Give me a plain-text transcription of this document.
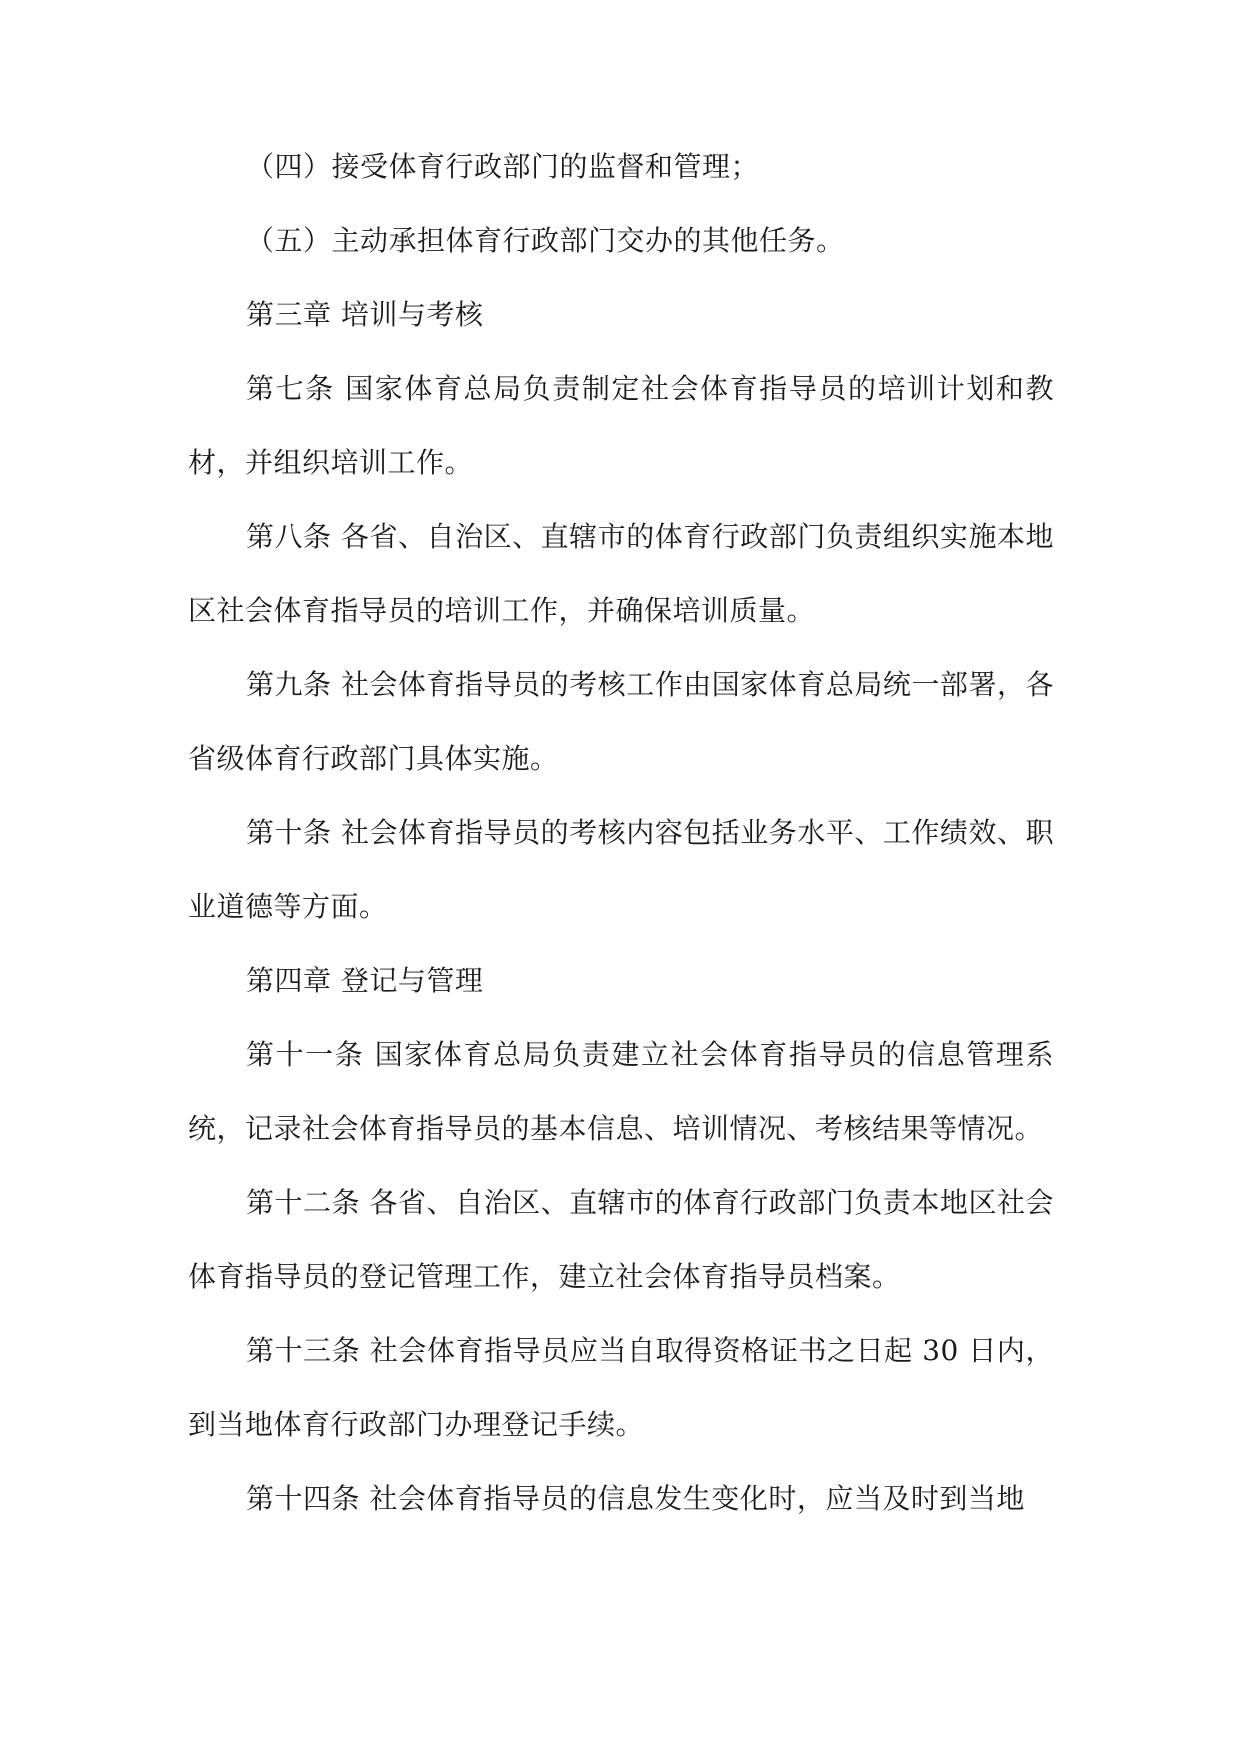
（四）接受体育行政部门的监督和管理；

（五）主动承担体育行政部门交办的其他任务。

第三章 培训与考核

第七条 国家体育总局负责制定社会体育指导员的培训计划和教材，并组织培训工作。

第八条 各省、自治区、直辖市的体育行政部门负责组织实施本地区社会体育指导员的培训工作，并确保培训质量。

第九条 社会体育指导员的考核工作由国家体育总局统一部署，各省级体育行政部门具体实施。

第十条 社会体育指导员的考核内容包括业务水平、工作绩效、职业道德等方面。

第四章 登记与管理

第十一条 国家体育总局负责建立社会体育指导员的信息管理系统，记录社会体育指导员的基本信息、培训情况、考核结果等情况。

第十二条 各省、自治区、直辖市的体育行政部门负责本地区社会体育指导员的登记管理工作，建立社会体育指导员档案。

第十三条 社会体育指导员应当自取得资格证书之日起 30 日内，到当地体育行政部门办理登记手续。

第十四条 社会体育指导员的信息发生变化时，应当及时到当地
